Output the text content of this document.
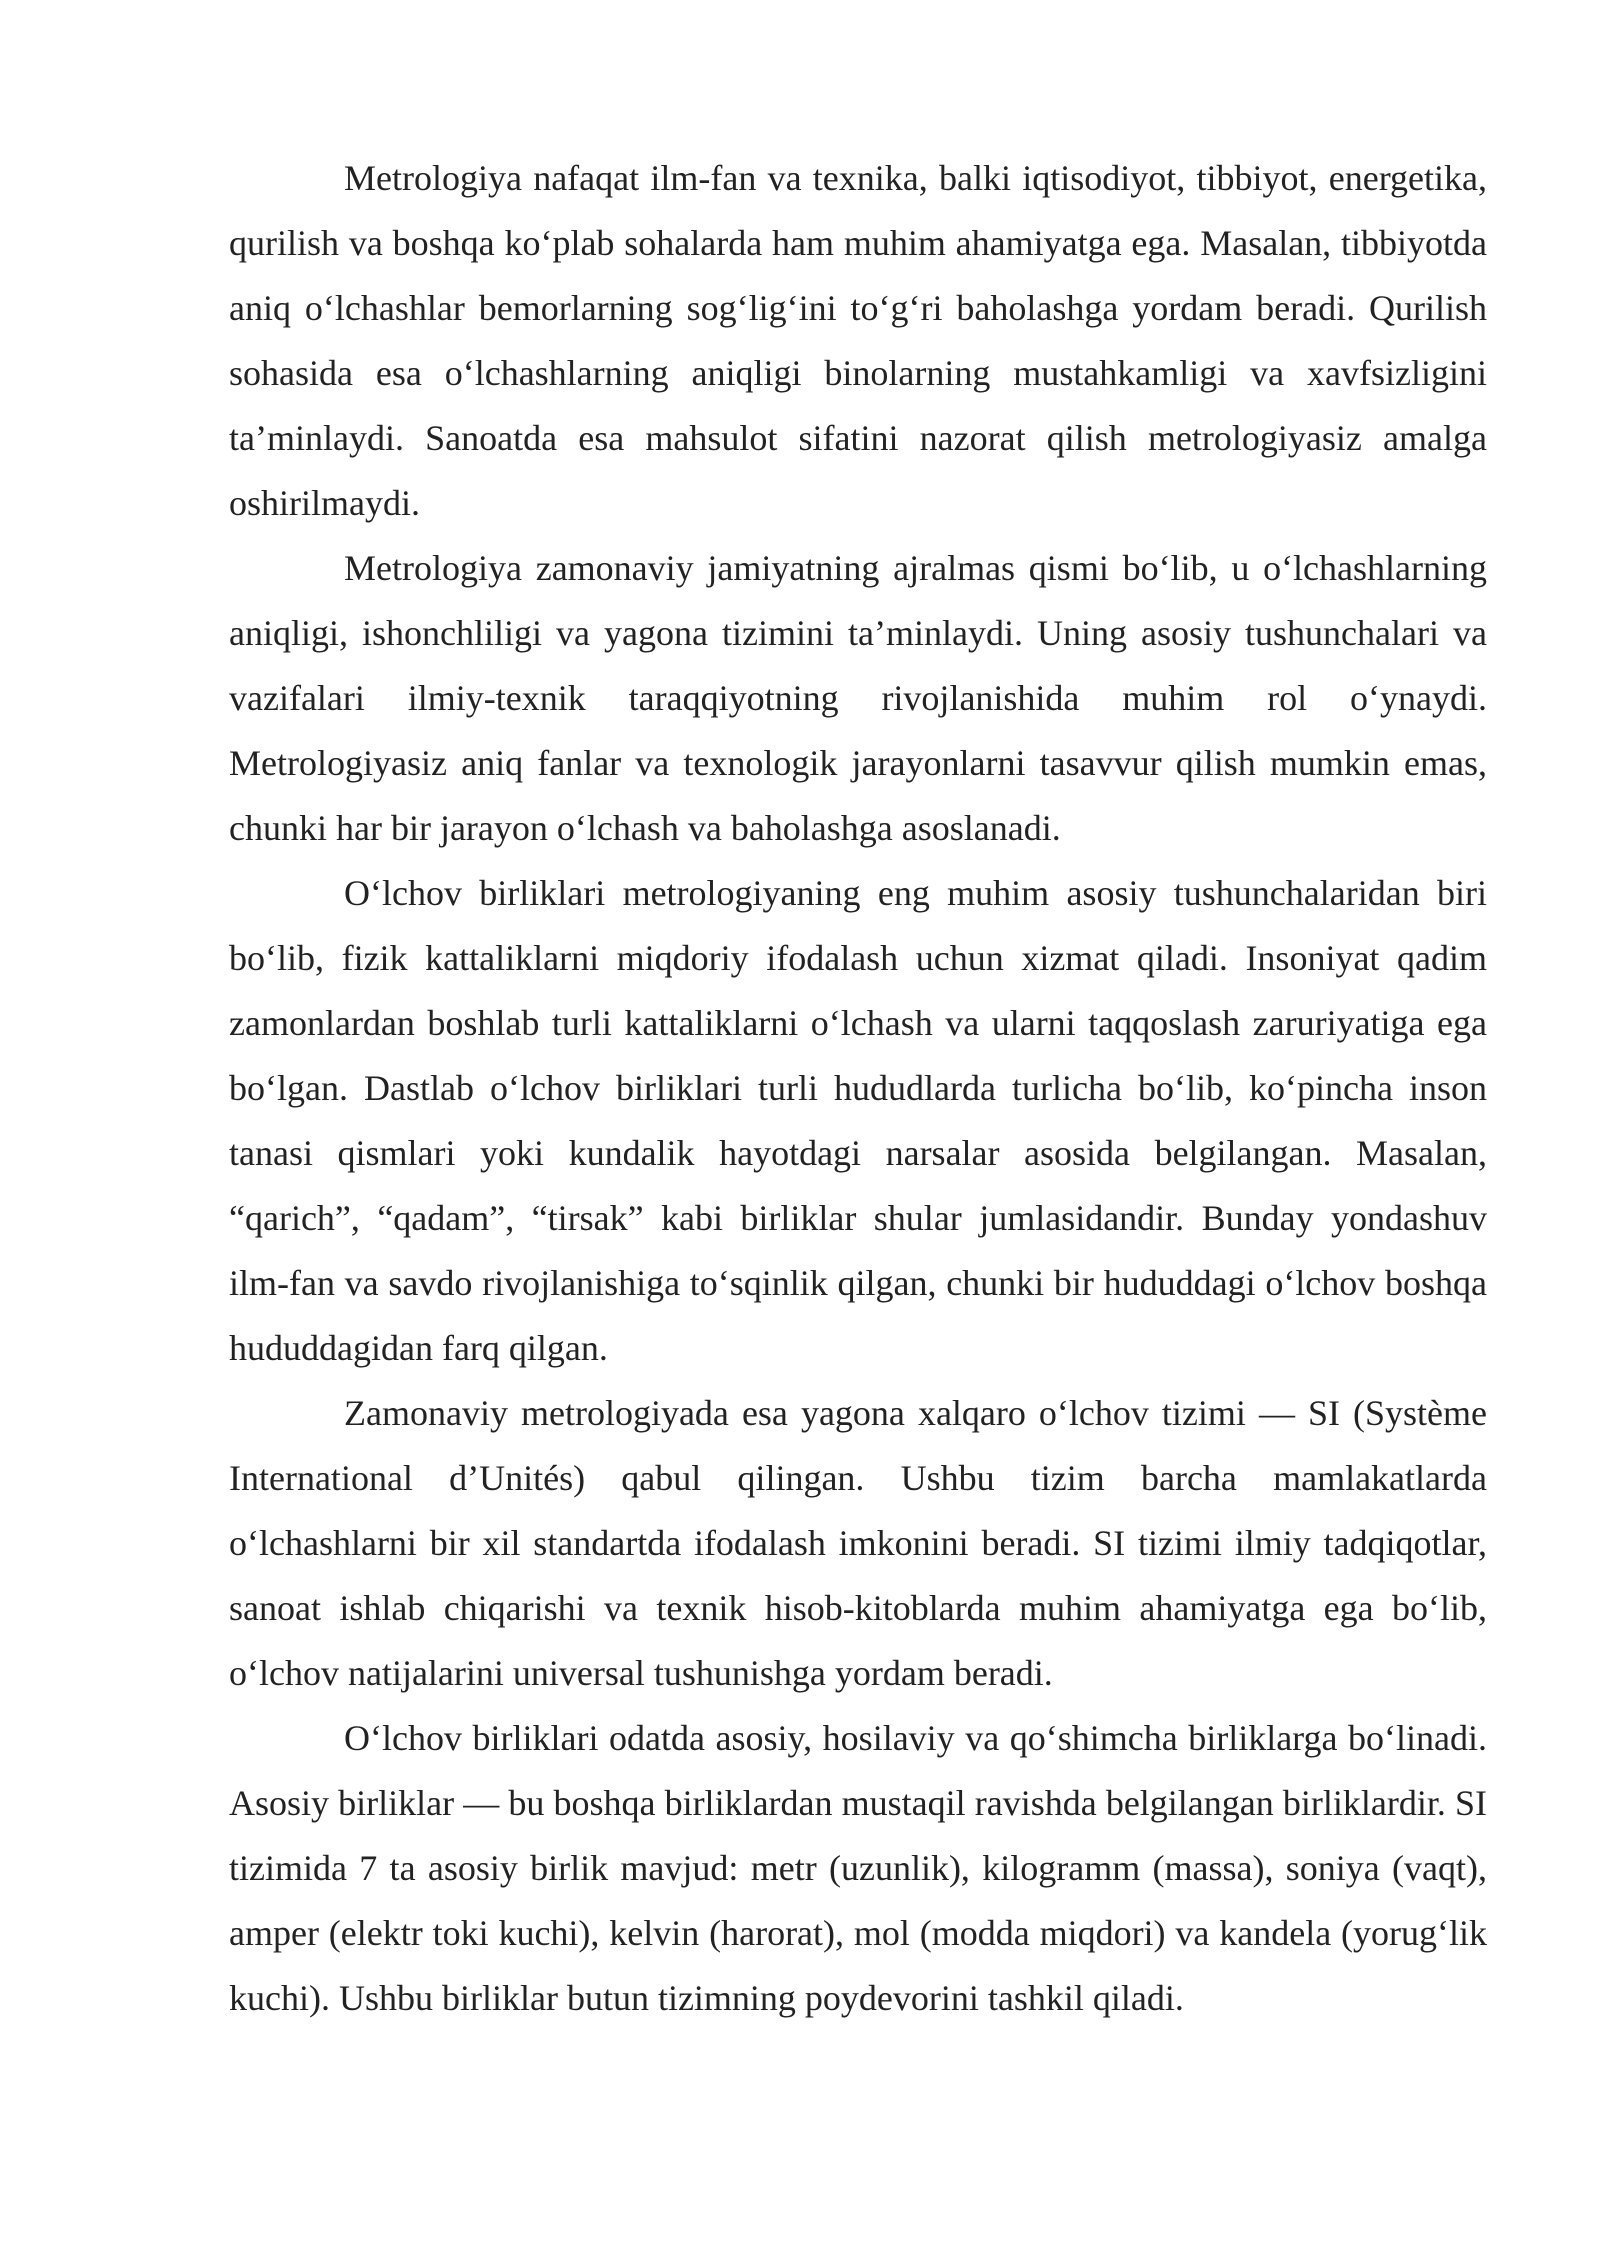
Metrologiya nafaqat ilm-fan va texnika, balki iqtisodiyot, tibbiyot, energetika, qurilish va boshqa ko‘plab sohalarda ham muhim ahamiyatga ega. Masalan, tibbiyotda aniq o‘lchashlar bemorlarning sog‘lig‘ini to‘g‘ri baholashga yordam beradi. Qurilish sohasida esa o‘lchashlarning aniqligi binolarning mustahkamligi va xavfsizligini ta’minlaydi. Sanoatda esa mahsulot sifatini nazorat qilish metrologiyasiz amalga oshirilmaydi.

Metrologiya zamonaviy jamiyatning ajralmas qismi bo‘lib, u o‘lchashlarning aniqligi, ishonchliligi va yagona tizimini ta’minlaydi. Uning asosiy tushunchalari va vazifalari ilmiy-texnik taraqqiyotning rivojlanishida muhim rol o‘ynaydi. Metrologiyasiz aniq fanlar va texnologik jarayonlarni tasavvur qilish mumkin emas, chunki har bir jarayon o‘lchash va baholashga asoslanadi.

O‘lchov birliklari metrologiyaning eng muhim asosiy tushunchalaridan biri bo‘lib, fizik kattaliklarni miqdoriy ifodalash uchun xizmat qiladi. Insoniyat qadim zamonlardan boshlab turli kattaliklarni o‘lchash va ularni taqqoslash zaruriyatiga ega bo‘lgan. Dastlab o‘lchov birliklari turli hududlarda turlicha bo‘lib, ko‘pincha inson tanasi qismlari yoki kundalik hayotdagi narsalar asosida belgilangan. Masalan, “qarich”, “qadam”, “tirsak” kabi birliklar shular jumlasidandir. Bunday yondashuv ilm-fan va savdo rivojlanishiga to‘sqinlik qilgan, chunki bir hududdagi o‘lchov boshqa hududdagidan farq qilgan.

Zamonaviy metrologiyada esa yagona xalqaro o‘lchov tizimi — SI (Système International d’Unités) qabul qilingan. Ushbu tizim barcha mamlakatlarda o‘lchashlarni bir xil standartda ifodalash imkonini beradi. SI tizimi ilmiy tadqiqotlar, sanoat ishlab chiqarishi va texnik hisob-kitoblarda muhim ahamiyatga ega bo‘lib, o‘lchov natijalarini universal tushunishga yordam beradi.

O‘lchov birliklari odatda asosiy, hosilaviy va qo‘shimcha birliklarga bo‘linadi. Asosiy birliklar — bu boshqa birliklardan mustaqil ravishda belgilangan birliklardir. SI tizimida 7 ta asosiy birlik mavjud: metr (uzunlik), kilogramm (massa), soniya (vaqt), amper (elektr toki kuchi), kelvin (harorat), mol (modda miqdori) va kandela (yorug‘lik kuchi). Ushbu birliklar butun tizimning poydevorini tashkil qiladi.
